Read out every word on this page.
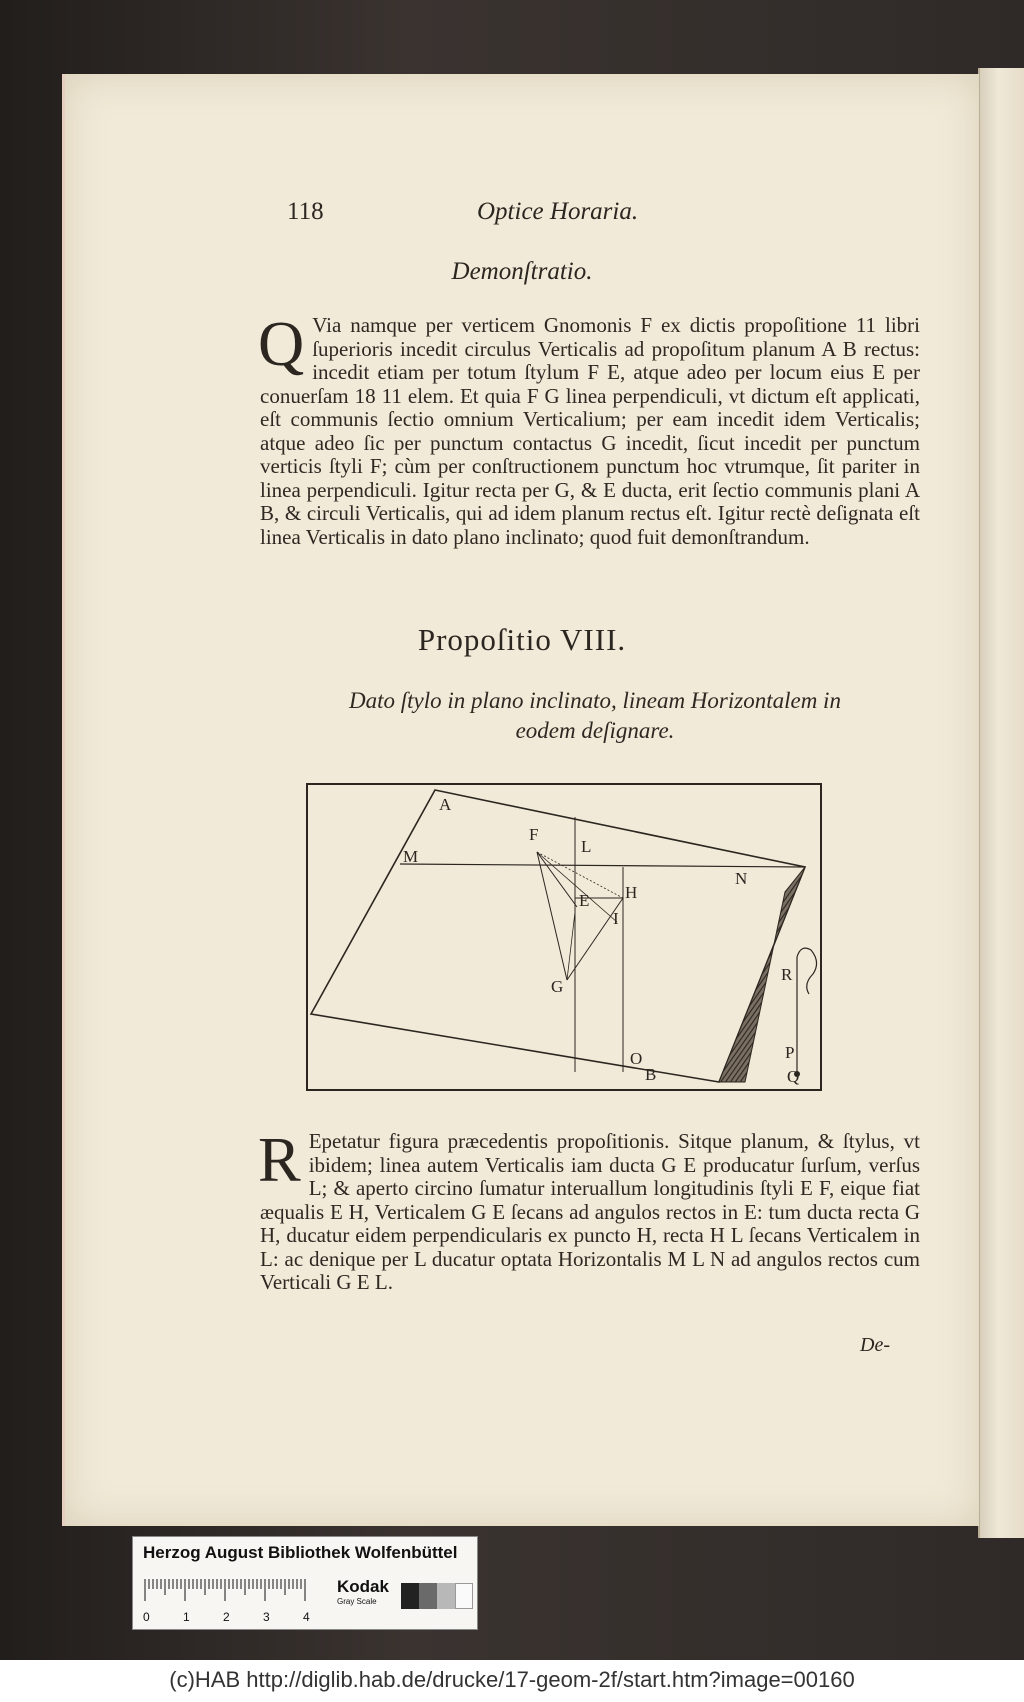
118	Optice Horaria.
Demonſtratio.
Q Via namque per verticem Gnomonis F ex dictis propoſitione 11 libri ſuperioris incedit circulus Verticalis ad propoſitum planum A B rectus: incedit etiam per totum ſtylum F E, atque adeo per locum eius E per conuerſam 18 11 elem. Et quia F G linea perpendiculi, vt dictum eſt applicati, eſt communis ſectio omnium Verticalium; per eam incedit idem Verticalis; atque adeo ſic per punctum contactus G incedit, ſicut incedit per punctum verticis ſtyli F; cùm per conſtructionem punctum hoc vtrumque, ſit pariter in linea perpendiculi. Igitur recta per G, & E ducta, erit ſectio communis plani A B, & circuli Verticalis, qui ad idem planum rectus eſt. Igitur rectè deſignata eſt linea Verticalis in dato plano inclinato; quod fuit demonſtrandum.
Propoſitio VIII.
Dato ſtylo in plano inclinato, lineam Horizontalem in
eodem deſignare.
A
M
F
L
E H
I
G
N
O
B
R
P
Q
R Epetatur figura præcedentis propoſitionis. Sitque planum, & ſtylus, vt ibidem; linea autem Verticalis iam ducta G E producatur ſurſum, verſus L; & aperto circino ſumatur interuallum longitudinis ſtyli E F, eique fiat æqualis E H, Verticalem G E ſecans ad angulos rectos in E: tum ducta recta G H, ducatur eidem perpendicularis ex puncto H, recta H L ſecans Verticalem in L: ac denique per L ducatur optata Horizontalis M L N ad angulos rectos cum Verticali G E L.
De-
Herzog August Bibliothek Wolfenbüttel
0	1	2	3	4
Kodak
Gray Scale
(c)HAB http://diglib.hab.de/drucke/17-geom-2f/start.htm?image=00160
